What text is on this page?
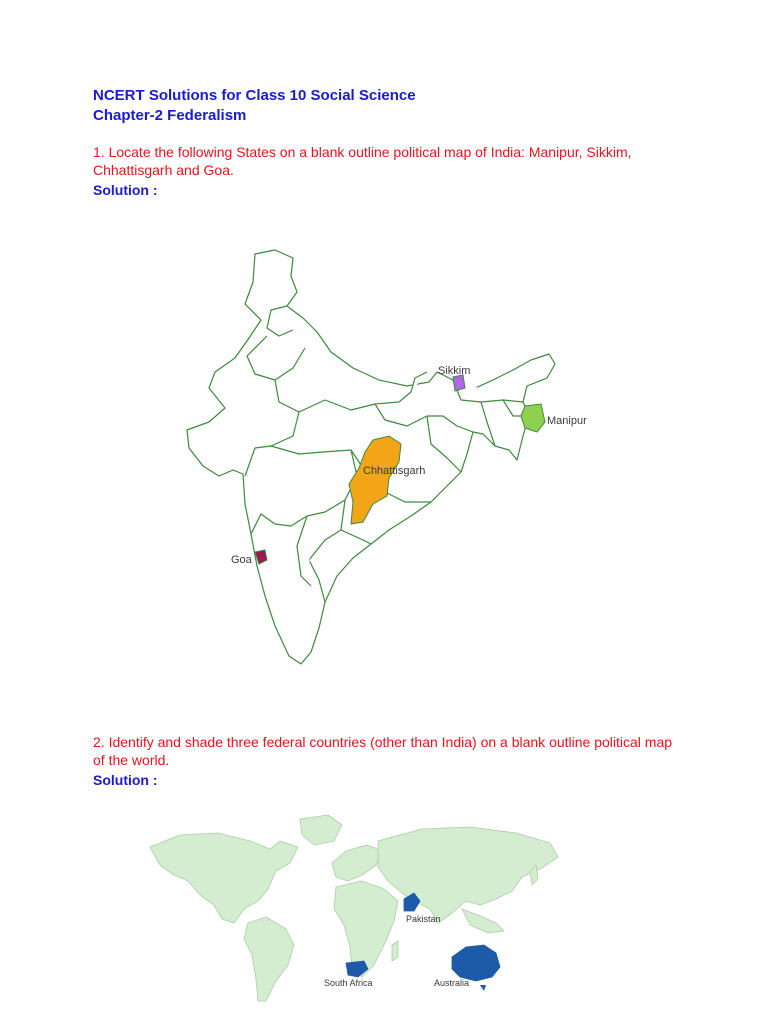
NCERT Solutions for Class 10 Social Science
Chapter-2 Federalism
1. Locate the following States on a blank outline political map of India: Manipur, Sikkim, Chhattisgarh and Goa.
Solution :
Sikkim
Manipur
Chhattisgarh
Goa
2. Identify and shade three federal countries (other than India) on a blank outline political map of the world.
Solution :
Pakistan
South Africa	Australia
